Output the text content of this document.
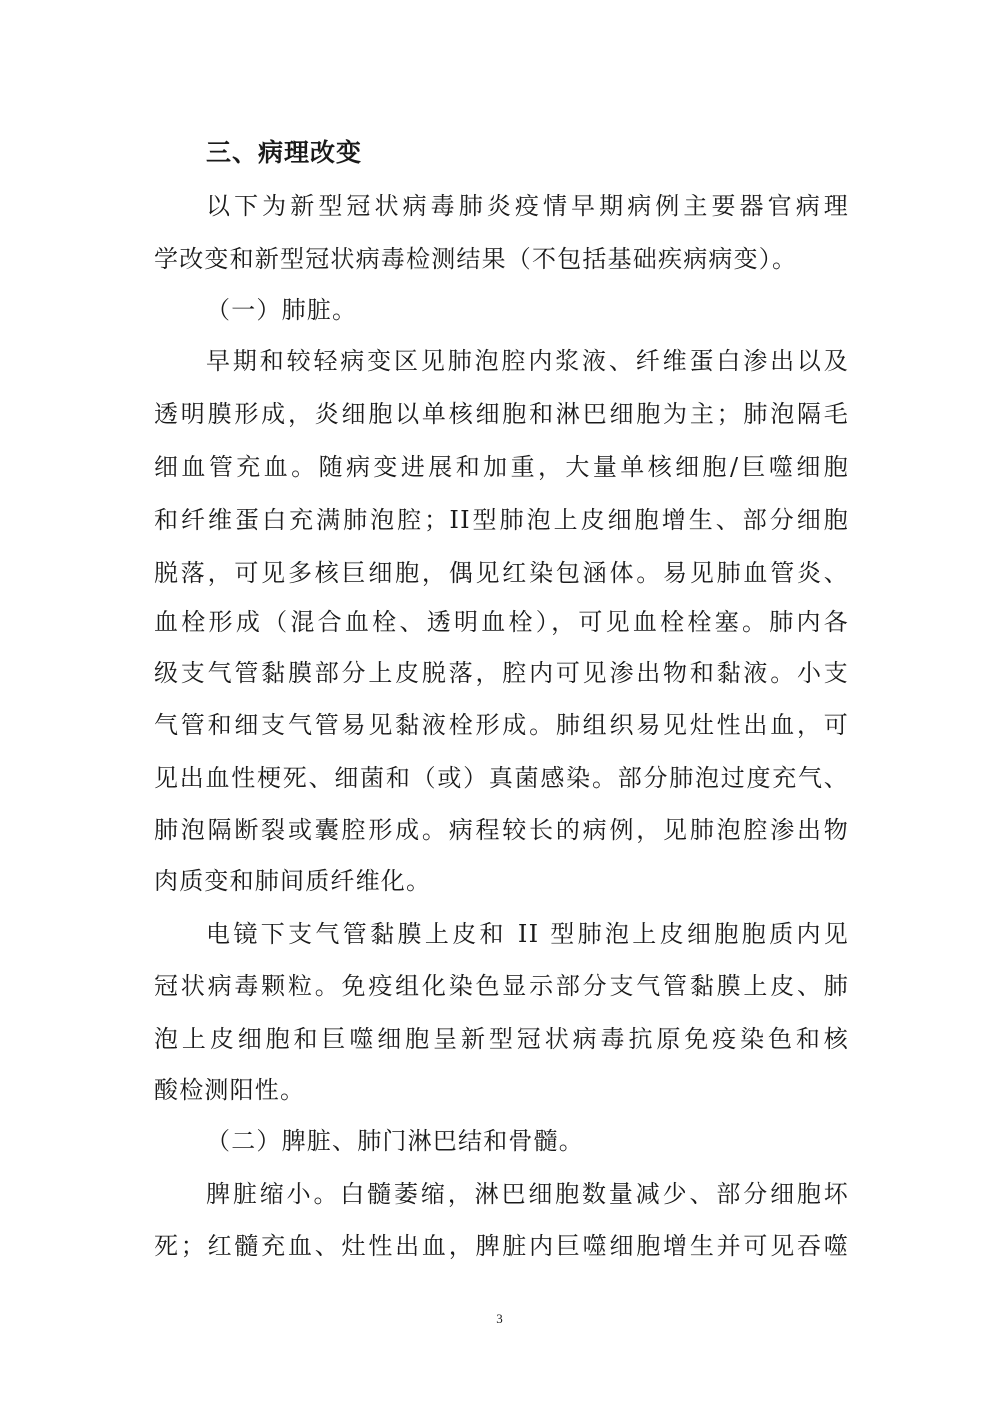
三、病理改变
以下为新型冠状病毒肺炎疫情早期病例主要器官病理
学改变和新型冠状病毒检测结果（不包括基础疾病病变）。
（一）肺脏。
早期和较轻病变区见肺泡腔内浆液、纤维蛋白渗出以及
透明膜形成，炎细胞以单核细胞和淋巴细胞为主；肺泡隔毛
细血管充血。随病变进展和加重，大量单核细胞/巨噬细胞
和纤维蛋白充满肺泡腔；II型肺泡上皮细胞增生、部分细胞
脱落，可见多核巨细胞，偶见红染包涵体。易见肺血管炎、
血栓形成（混合血栓、透明血栓），可见血栓栓塞。肺内各
级支气管黏膜部分上皮脱落，腔内可见渗出物和黏液。小支
气管和细支气管易见黏液栓形成。肺组织易见灶性出血，可
见出血性梗死、细菌和（或）真菌感染。部分肺泡过度充气、
肺泡隔断裂或囊腔形成。病程较长的病例，见肺泡腔渗出物
肉质变和肺间质纤维化。
电镜下支气管黏膜上皮和 II 型肺泡上皮细胞胞质内见
冠状病毒颗粒。免疫组化染色显示部分支气管黏膜上皮、肺
泡上皮细胞和巨噬细胞呈新型冠状病毒抗原免疫染色和核
酸检测阳性。
（二）脾脏、肺门淋巴结和骨髓。
脾脏缩小。白髓萎缩，淋巴细胞数量减少、部分细胞坏
死；红髓充血、灶性出血，脾脏内巨噬细胞增生并可见吞噬
3
